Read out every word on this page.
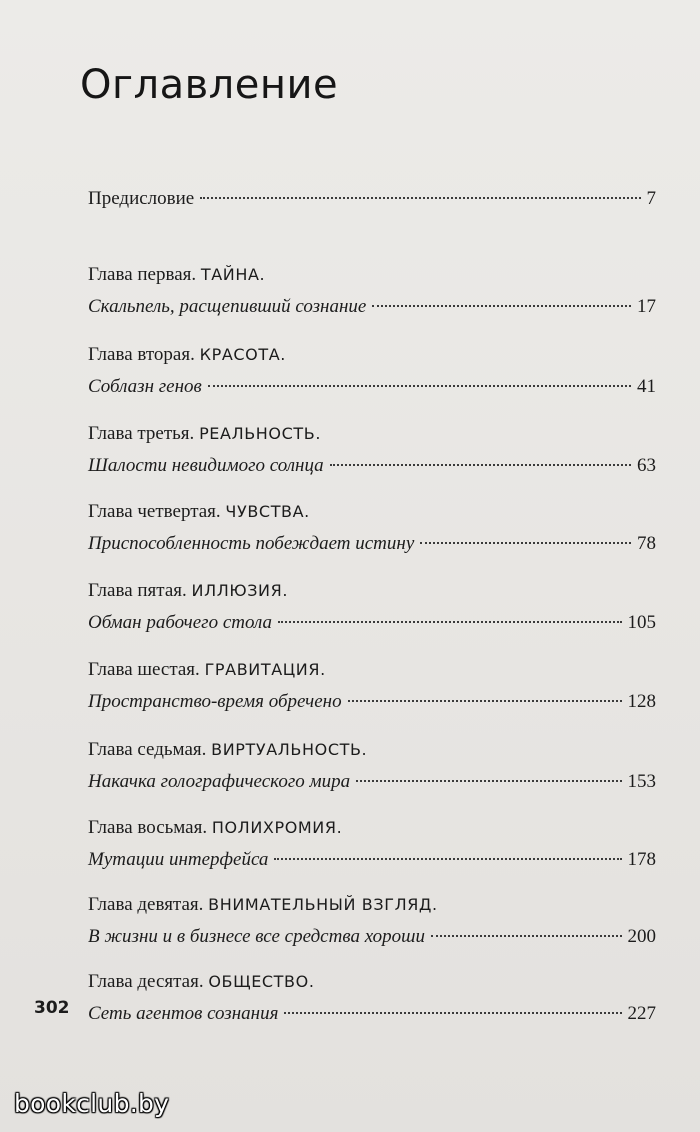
Оглавление
Предисловие	7
Глава первая. ТАЙНА.
Скальпель, расщепивший сознание	17
Глава вторая. КРАСОТА.
Соблазн генов	41
Глава третья. РЕАЛЬНОСТЬ.
Шалости невидимого солнца	63
Глава четвертая. ЧУВСТВА.
Приспособленность побеждает истину	78
Глава пятая. ИЛЛЮЗИЯ.
Обман рабочего стола	105
Глава шестая. ГРАВИТАЦИЯ.
Пространство-время обречено	128
Глава седьмая. ВИРТУАЛЬНОСТЬ.
Накачка голографического мира	153
Глава восьмая. ПОЛИХРОМИЯ.
Мутации интерфейса	178
Глава девятая. ВНИМАТЕЛЬНЫЙ ВЗГЛЯД.
В жизни и в бизнесе все средства хороши	200
Глава десятая. ОБЩЕСТВО.
Сеть агентов сознания	227
302
bookclub.by
